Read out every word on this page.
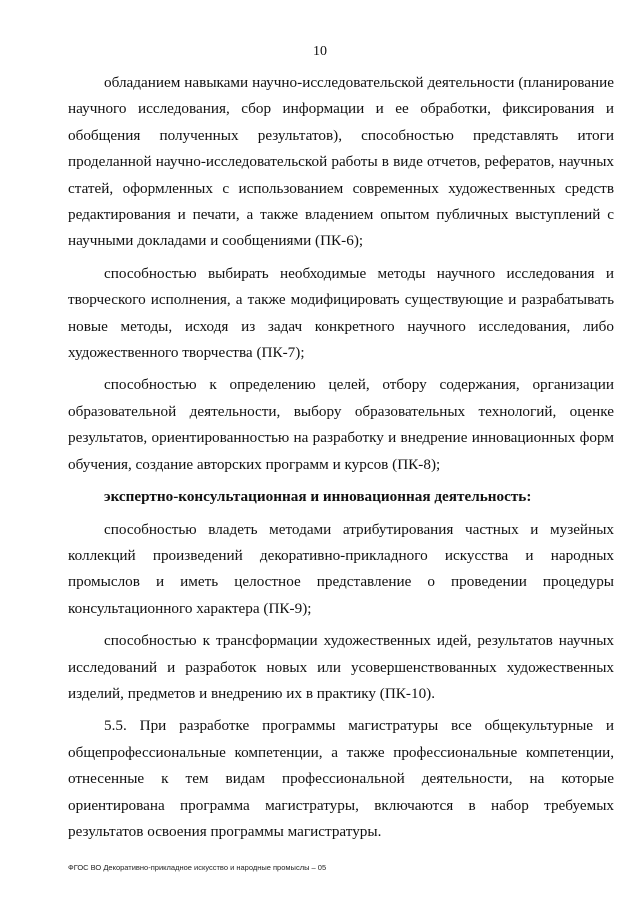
10

обладанием навыками научно-исследовательской деятельности (планирование научного исследования, сбор информации и ее обработки, фиксирования и обобщения полученных результатов), способностью представлять итоги проделанной научно-исследовательской работы в виде отчетов, рефератов, научных статей, оформленных с использованием современных художественных средств редактирования и печати, а также владением опытом публичных выступлений с научными докладами и сообщениями (ПК-6);

способностью выбирать необходимые методы научного исследования и творческого исполнения, а также модифицировать существующие и разрабатывать новые методы, исходя из задач конкретного научного исследования, либо художественного творчества (ПК-7);

способностью к определению целей, отбору содержания, организации образовательной деятельности, выбору образовательных технологий, оценке результатов, ориентированностью на разработку и внедрение инновационных форм обучения, создание авторских программ и курсов (ПК-8);

экспертно-консультационная и инновационная деятельность:

способностью владеть методами атрибутирования частных и музейных коллекций произведений декоративно-прикладного искусства и народных промыслов и иметь целостное представление о проведении процедуры консультационного характера (ПК-9);

способностью к трансформации художественных идей, результатов научных исследований и разработок новых или усовершенствованных художественных изделий, предметов и внедрению их в практику (ПК-10).

5.5. При разработке программы магистратуры все общекультурные и общепрофессиональные компетенции, а также профессиональные компетенции, отнесенные к тем видам профессиональной деятельности, на которые ориентирована программа магистратуры, включаются в набор требуемых результатов освоения программы магистратуры.

ФГОС ВО Декоративно-прикладное искусство и народные промыслы – 05
